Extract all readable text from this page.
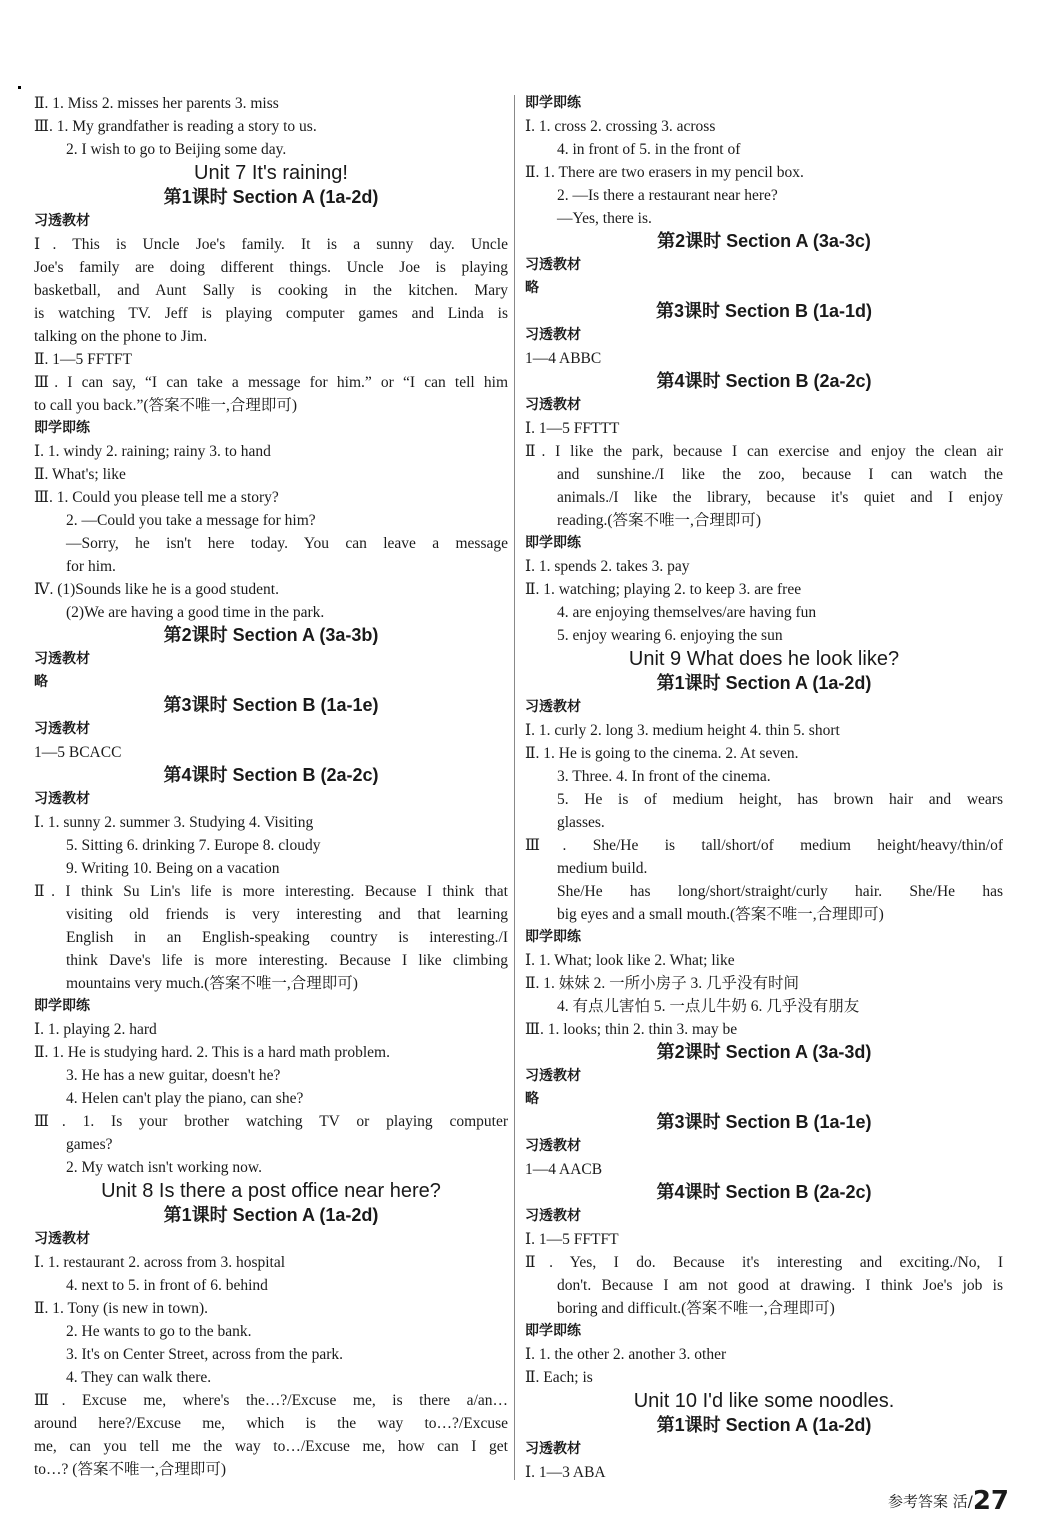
Ⅱ. 1. Miss 2. misses her parents 3. miss
Ⅲ. 1. My grandfather is reading a story to us.
2. I wish to go to Beijing some day.
Unit 7 It's raining!
第1课时 Section A (1a-2d)
习透教材
Ⅰ. This is Uncle Joe's family. It is a sunny day. Uncle
Joe's family are doing different things. Uncle Joe is playing
basketball, and Aunt Sally is cooking in the kitchen. Mary
is watching TV. Jeff is playing computer games and Linda is
talking on the phone to Jim.
Ⅱ. 1—5 FFTFT
Ⅲ. I can say, “I can take a message for him.” or “I can tell him
to call you back.”(答案不唯一,合理即可)
即学即练
Ⅰ. 1. windy 2. raining; rainy 3. to hand
Ⅱ. What's; like
Ⅲ. 1. Could you please tell me a story?
2. —Could you take a message for him?
—Sorry, he isn't here today. You can leave a message
for him.
Ⅳ. (1)Sounds like he is a good student.
(2)We are having a good time in the park.
第2课时 Section A (3a-3b)
习透教材
略
第3课时 Section B (1a-1e)
习透教材
1—5 BCACC
第4课时 Section B (2a-2c)
习透教材
Ⅰ. 1. sunny 2. summer 3. Studying 4. Visiting
5. Sitting 6. drinking 7. Europe 8. cloudy
9. Writing 10. Being on a vacation
Ⅱ. I think Su Lin's life is more interesting. Because I think that
visiting old friends is very interesting and that learning
English in an English-speaking country is interesting./I
think Dave's life is more interesting. Because I like climbing
mountains very much.(答案不唯一,合理即可)
即学即练
Ⅰ. 1. playing 2. hard
Ⅱ. 1. He is studying hard. 2. This is a hard math problem.
3. He has a new guitar, doesn't he?
4. Helen can't play the piano, can she?
Ⅲ. 1. Is your brother watching TV or playing computer
games?
2. My watch isn't working now.
Unit 8 Is there a post office near here?
第1课时 Section A (1a-2d)
习透教材
Ⅰ. 1. restaurant 2. across from 3. hospital
4. next to 5. in front of 6. behind
Ⅱ. 1. Tony (is new in town).
2. He wants to go to the bank.
3. It's on Center Street, across from the park.
4. They can walk there.
Ⅲ. Excuse me, where's the…?/Excuse me, is there a/an…
around here?/Excuse me, which is the way to…?/Excuse
me, can you tell me the way to…/Excuse me, how can I get
to…? (答案不唯一,合理即可)
即学即练
Ⅰ. 1. cross 2. crossing 3. across
4. in front of 5. in the front of
Ⅱ. 1. There are two erasers in my pencil box.
2. —Is there a restaurant near here?
—Yes, there is.
第2课时 Section A (3a-3c)
习透教材
略
第3课时 Section B (1a-1d)
习透教材
1—4 ABBC
第4课时 Section B (2a-2c)
习透教材
Ⅰ. 1—5 FFTTT
Ⅱ. I like the park, because I can exercise and enjoy the clean air
and sunshine./I like the zoo, because I can watch the
animals./I like the library, because it's quiet and I enjoy
reading.(答案不唯一,合理即可)
即学即练
Ⅰ. 1. spends 2. takes 3. pay
Ⅱ. 1. watching; playing 2. to keep 3. are free
4. are enjoying themselves/are having fun
5. enjoy wearing 6. enjoying the sun
Unit 9 What does he look like?
第1课时 Section A (1a-2d)
习透教材
Ⅰ. 1. curly 2. long 3. medium height 4. thin 5. short
Ⅱ. 1. He is going to the cinema. 2. At seven.
3. Three. 4. In front of the cinema.
5. He is of medium height, has brown hair and wears
glasses.
Ⅲ. She/He is tall/short/of medium height/heavy/thin/of
medium build.
She/He has long/short/straight/curly hair. She/He has
big eyes and a small mouth.(答案不唯一,合理即可)
即学即练
Ⅰ. 1. What; look like 2. What; like
Ⅱ. 1. 妹妹 2. 一所小房子 3. 几乎没有时间
4. 有点儿害怕 5. 一点儿牛奶 6. 几乎没有朋友
Ⅲ. 1. looks; thin 2. thin 3. may be
第2课时 Section A (3a-3d)
习透教材
略
第3课时 Section B (1a-1e)
习透教材
1—4 AACB
第4课时 Section B (2a-2c)
习透教材
Ⅰ. 1—5 FFTFT
Ⅱ. Yes, I do. Because it's interesting and exciting./No, I
don't. Because I am not good at drawing. I think Joe's job is
boring and difficult.(答案不唯一,合理即可)
即学即练
Ⅰ. 1. the other 2. another 3. other
Ⅱ. Each; is
Unit 10 I'd like some noodles.
第1课时 Section A (1a-2d)
习透教材
Ⅰ. 1—3 ABA
参考答案 活/27
